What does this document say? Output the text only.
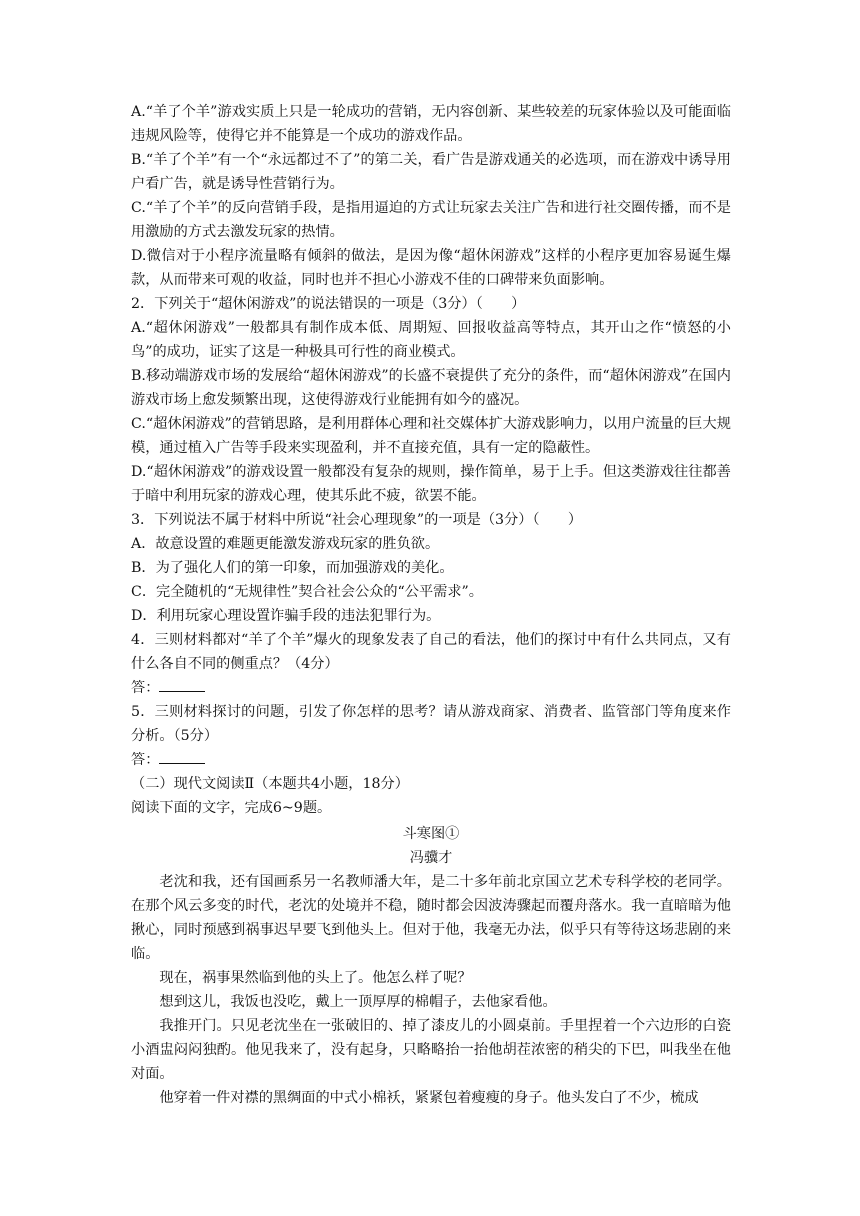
A.“羊了个羊”游戏实质上只是一轮成功的营销，无内容创新、某些较差的玩家体验以及可能面临违规风险等，使得它并不能算是一个成功的游戏作品。

B.“羊了个羊”有一个“永远都过不了”的第二关，看广告是游戏通关的必选项，而在游戏中诱导用户看广告，就是诱导性营销行为。

C.“羊了个羊”的反向营销手段，是指用逼迫的方式让玩家去关注广告和进行社交圈传播，而不是用激励的方式去激发玩家的热情。

D.微信对于小程序流量略有倾斜的做法，是因为像“超休闲游戏”这样的小程序更加容易诞生爆款，从而带来可观的收益，同时也并不担心小游戏不佳的口碑带来负面影响。

2．下列关于“超休闲游戏”的说法错误的一项是（3分）（　　）

A.“超休闲游戏”一般都具有制作成本低、周期短、回报收益高等特点，其开山之作“愤怒的小鸟”的成功，证实了这是一种极具可行性的商业模式。

B.移动端游戏市场的发展给“超休闲游戏”的长盛不衰提供了充分的条件，而“超休闲游戏”在国内游戏市场上愈发频繁出现，这使得游戏行业能拥有如今的盛况。

C.“超休闲游戏”的营销思路，是利用群体心理和社交媒体扩大游戏影响力，以用户流量的巨大规模，通过植入广告等手段来实现盈利，并不直接充值，具有一定的隐蔽性。

D.“超休闲游戏”的游戏设置一般都没有复杂的规则，操作简单，易于上手。但这类游戏往往都善于暗中利用玩家的游戏心理，使其乐此不疲，欲罢不能。

3．下列说法不属于材料中所说“社会心理现象”的一项是（3分）（　　）

A．故意设置的难题更能激发游戏玩家的胜负欲。

B．为了强化人们的第一印象，而加强游戏的美化。

C．完全随机的“无规律性”契合社会公众的“公平需求”。

D．利用玩家心理设置诈骗手段的违法犯罪行为。

4．三则材料都对“羊了个羊”爆火的现象发表了自己的看法，他们的探讨中有什么共同点，又有什么各自不同的侧重点？（4分）

答：

5．三则材料探讨的问题，引发了你怎样的思考？请从游戏商家、消费者、监管部门等角度来作分析。（5分）

答：

（二）现代文阅读Ⅱ（本题共4小题，18分）

阅读下面的文字，完成6~9题。

斗寒图①

冯骥才

老沈和我，还有国画系另一名教师潘大年，是二十多年前北京国立艺术专科学校的老同学。在那个风云多变的时代，老沈的处境并不稳，随时都会因波涛骤起而覆舟落水。我一直暗暗为他揪心，同时预感到祸事迟早要飞到他头上。但对于他，我毫无办法，似乎只有等待这场悲剧的来临。

现在，祸事果然临到他的头上了。他怎么样了呢？

想到这儿，我饭也没吃，戴上一顶厚厚的棉帽子，去他家看他。

我推开门。只见老沈坐在一张破旧的、掉了漆皮儿的小圆桌前。手里捏着一个六边形的白瓷小酒盅闷闷独酌。他见我来了，没有起身，只略略抬一抬他胡茬浓密的稍尖的下巴，叫我坐在他对面。

他穿着一件对襟的黑绸面的中式小棉袄，紧紧包着瘦瘦的身子。他头发白了不少，梳成
